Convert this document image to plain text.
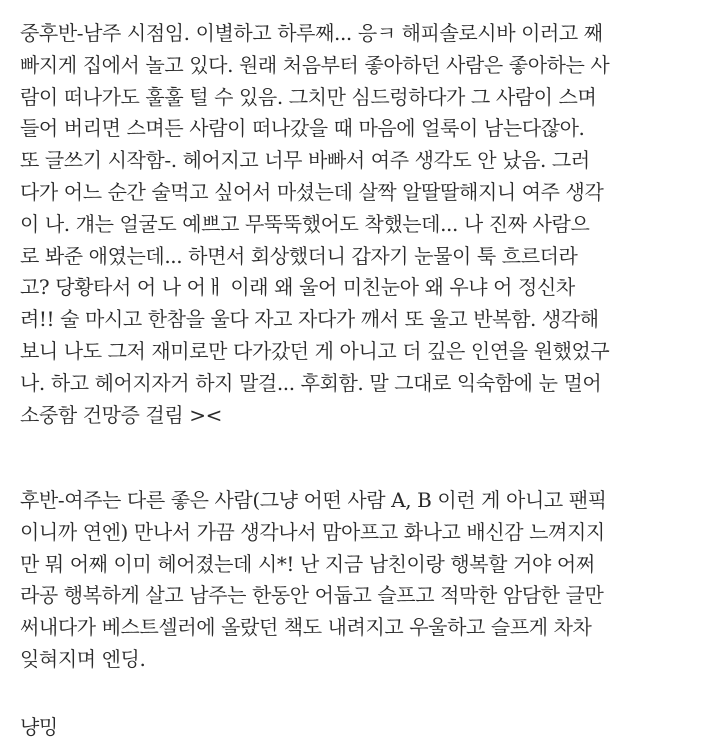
중후반-남주 시점임. 이별하고 하루째... 응ㅋ 해피솔로시바 이러고 째
빠지게 집에서 놀고 있다. 원래 처음부터 좋아하던 사람은 좋아하는 사
람이 떠나가도 훌훌 털 수 있음. 그치만 심드렁하다가 그 사람이 스며
들어 버리면 스며든 사람이 떠나갔을 때 마음에 얼룩이 남는다잖아.
또 글쓰기 시작함-. 헤어지고 너무 바빠서 여주 생각도 안 났음. 그러
다가 어느 순간 술먹고 싶어서 마셨는데 살짝 알딸딸해지니 여주 생각
이 나. 걔는 얼굴도 예쁘고 무뚝뚝했어도 착했는데... 나 진짜 사람으
로 봐준 애였는데... 하면서 회상했더니 갑자기 눈물이 툭 흐르더라
고? 당황타서 어 나 어ㅐ 이래 왜 울어 미친눈아 왜 우냐 어 정신차
려!! 술 마시고 한참을 울다 자고 자다가 깨서 또 울고 반복함. 생각해
보니 나도 그저 재미로만 다가갔던 게 아니고 더 깊은 인연을 원했었구
나. 하고 헤어지자거 하지 말걸... 후회함. 말 그대로 익숙함에 눈 멀어
소중함 건망증 걸림 ><

후반-여주는 다른 좋은 사람(그냥 어떤 사람 A, B 이런 게 아니고 팬픽
이니까 연엔) 만나서 가끔 생각나서 맘아프고 화나고 배신감 느껴지지
만 뭐 어째 이미 헤어졌는데 시*! 난 지금 남친이랑 행복할 거야 어쩌
라공 행복하게 살고 남주는 한동안 어둡고 슬프고 적막한 암담한 글만
써내다가 베스트셀러에 올랐던 책도 내려지고 우울하고 슬프게 차차
잊혀지며 엔딩.

냥밍
